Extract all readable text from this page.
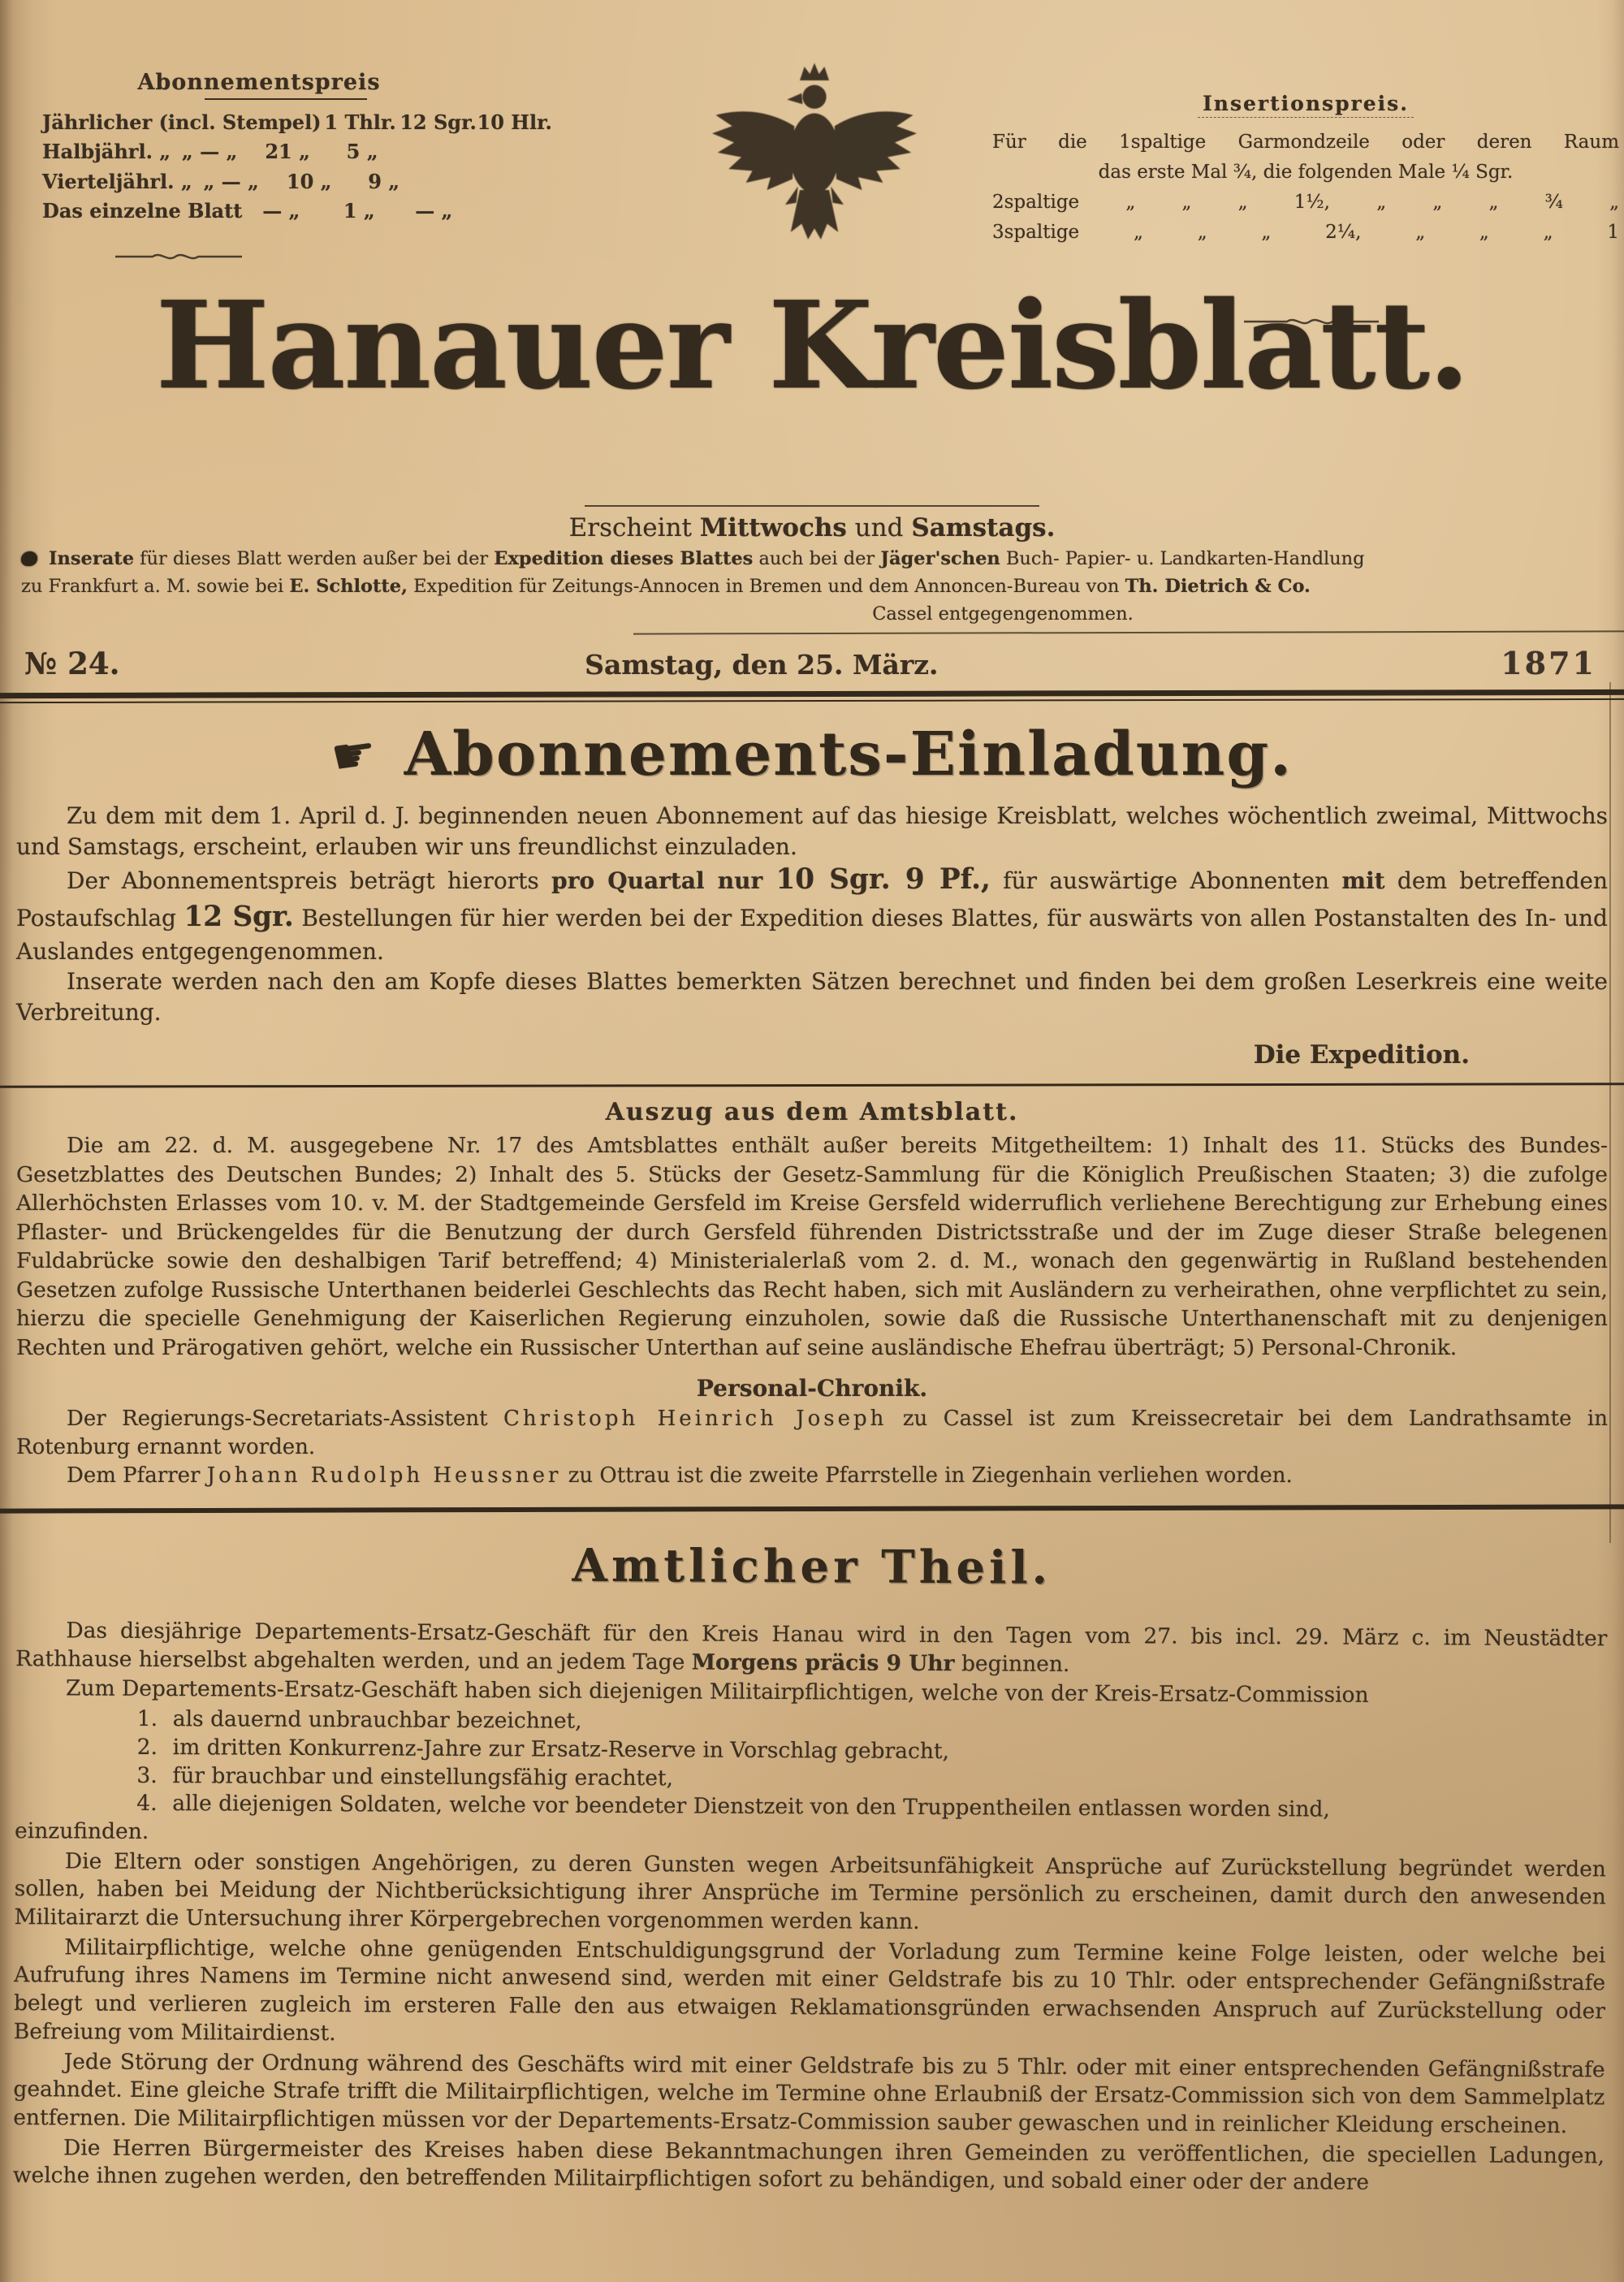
Abonnementspreis
Jährlicher (incl. Stempel) 1 Thlr. 12 Sgr. 10 Hlr.
Halbjährl. „ „ — „	21 „	5 „
Vierteljährl. „ „ — „	10 „	9 „
Das einzelne Blatt	— „	1 „	— „
Insertionspreis.
Für die 1spaltige Garmondzeile oder deren Raum
das erste Mal ¾, die folgenden Male ¼ Sgr.
2spaltige „ „ „ 1½, „ „ „ ¾ „
3spaltige „ „ „ 2¼, „ „ „ 1
Hanauer Kreisblatt.
Erscheint Mittwochs und Samstags.
Inserate für dieses Blatt werden außer bei der Expedition dieses Blattes auch bei der Jäger'schen Buch- Papier- u. Landkarten-Handlung
zu Frankfurt a. M. sowie bei E. Schlotte, Expedition für Zeitungs-Annocen in Bremen und dem Annoncen-Bureau von Th. Dietrich & Co.
Cassel entgegengenommen.
№ 24.	Samstag, den 25. März.	1871
☛ Abonnements-Einladung.

Zu dem mit dem 1. April d. J. beginnenden neuen Abonnement auf das hiesige Kreisblatt, welches wöchentlich zweimal, Mittwochs und Samstags, erscheint, erlauben wir uns freundlichst einzuladen.

Der Abonnementspreis beträgt hierorts pro Quartal nur 10 Sgr. 9 Pf., für auswärtige Abonnenten mit dem betreffenden Postaufschlag 12 Sgr. Bestellungen für hier werden bei der Expedition dieses Blattes, für auswärts von allen Postanstalten des In- und Auslandes entgegengenommen.

Inserate werden nach den am Kopfe dieses Blattes bemerkten Sätzen berechnet und finden bei dem großen Leserkreis eine weite Verbreitung.

Die Expedition.
Auszug aus dem Amtsblatt.

Die am 22. d. M. ausgegebene Nr. 17 des Amtsblattes enthält außer bereits Mitgetheiltem: 1) Inhalt des 11. Stücks des Bundes-Gesetzblattes des Deutschen Bundes; 2) Inhalt des 5. Stücks der Gesetz-Sammlung für die Königlich Preußischen Staaten; 3) die zufolge Allerhöchsten Erlasses vom 10. v. M. der Stadtgemeinde Gersfeld im Kreise Gersfeld widerruflich verliehene Berechtigung zur Erhebung eines Pflaster- und Brückengeldes für die Benutzung der durch Gersfeld führenden Districtsstraße und der im Zuge dieser Straße belegenen Fuldabrücke sowie den deshalbigen Tarif betreffend; 4) Ministerialerlaß vom 2. d. M., wonach den gegenwärtig in Rußland bestehenden Gesetzen zufolge Russische Unterthanen beiderlei Geschlechts das Recht haben, sich mit Ausländern zu verheirathen, ohne verpflichtet zu sein, hierzu die specielle Genehmigung der Kaiserlichen Regierung einzuholen, sowie daß die Russische Unterthanenschaft mit zu denjenigen Rechten und Prärogativen gehört, welche ein Russischer Unterthan auf seine ausländische Ehefrau überträgt; 5) Personal-Chronik.

Personal-Chronik.

Der Regierungs-Secretariats-Assistent Christoph Heinrich Joseph zu Cassel ist zum Kreissecretair bei dem Landrathsamte in Rotenburg ernannt worden.

Dem Pfarrer Johann Rudolph Heussner zu Ottrau ist die zweite Pfarrstelle in Ziegenhain verliehen worden.

Amtlicher Theil.

Das diesjährige Departements-Ersatz-Geschäft für den Kreis Hanau wird in den Tagen vom 27. bis incl. 29. März c. im Neustädter Rathhause hierselbst abgehalten werden, und an jedem Tage Morgens präcis 9 Uhr beginnen.

Zum Departements-Ersatz-Geschäft haben sich diejenigen Militairpflichtigen, welche von der Kreis-Ersatz-Commission

1. als dauernd unbrauchbar bezeichnet,
2. im dritten Konkurrenz-Jahre zur Ersatz-Reserve in Vorschlag gebracht,
3. für brauchbar und einstellungsfähig erachtet,
4. alle diejenigen Soldaten, welche vor beendeter Dienstzeit von den Truppentheilen entlassen worden sind,

einzufinden.

Die Eltern oder sonstigen Angehörigen, zu deren Gunsten wegen Arbeitsunfähigkeit Ansprüche auf Zurückstellung begründet werden sollen, haben bei Meidung der Nichtberücksichtigung ihrer Ansprüche im Termine persönlich zu erscheinen, damit durch den anwesenden Militairarzt die Untersuchung ihrer Körpergebrechen vorgenommen werden kann.

Militairpflichtige, welche ohne genügenden Entschuldigungsgrund der Vorladung zum Termine keine Folge leisten, oder welche bei Aufrufung ihres Namens im Termine nicht anwesend sind, werden mit einer Geldstrafe bis zu 10 Thlr. oder entsprechender Gefängnißstrafe belegt und verlieren zugleich im ersteren Falle den aus etwaigen Reklamationsgründen erwachsenden Anspruch auf Zurückstellung oder Befreiung vom Militairdienst.

Jede Störung der Ordnung während des Geschäfts wird mit einer Geldstrafe bis zu 5 Thlr. oder mit einer entsprechenden Gefängnißstrafe geahndet. Eine gleiche Strafe trifft die Militairpflichtigen, welche im Termine ohne Erlaubniß der Ersatz-Commission sich von dem Sammelplatz entfernen. Die Militairpflichtigen müssen vor der Departements-Ersatz-Commission sauber gewaschen und in reinlicher Kleidung erscheinen.

Die Herren Bürgermeister des Kreises haben diese Bekanntmachungen ihren Gemeinden zu veröffentlichen, die speciellen Ladungen, welche ihnen zugehen werden, den betreffenden Militairpflichtigen sofort zu behändigen, und sobald einer oder der andere
